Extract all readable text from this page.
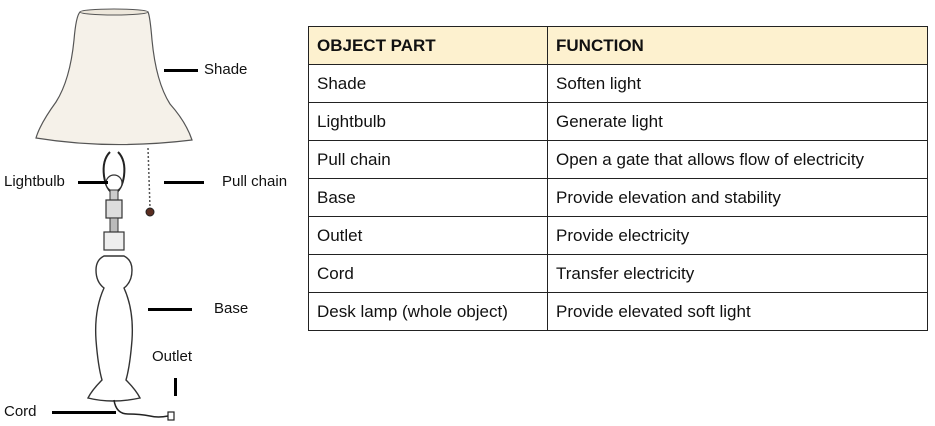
Shade
Lightbulb	Pull chain
Base
Outlet
Cord
OBJECT PART	FUNCTION
Shade	Soften light
Lightbulb	Generate light
Pull chain	Open a gate that allows flow of electricity
Base	Provide elevation and stability
Outlet	Provide electricity
Cord	Transfer electricity
Desk lamp (whole object)	Provide elevated soft light
